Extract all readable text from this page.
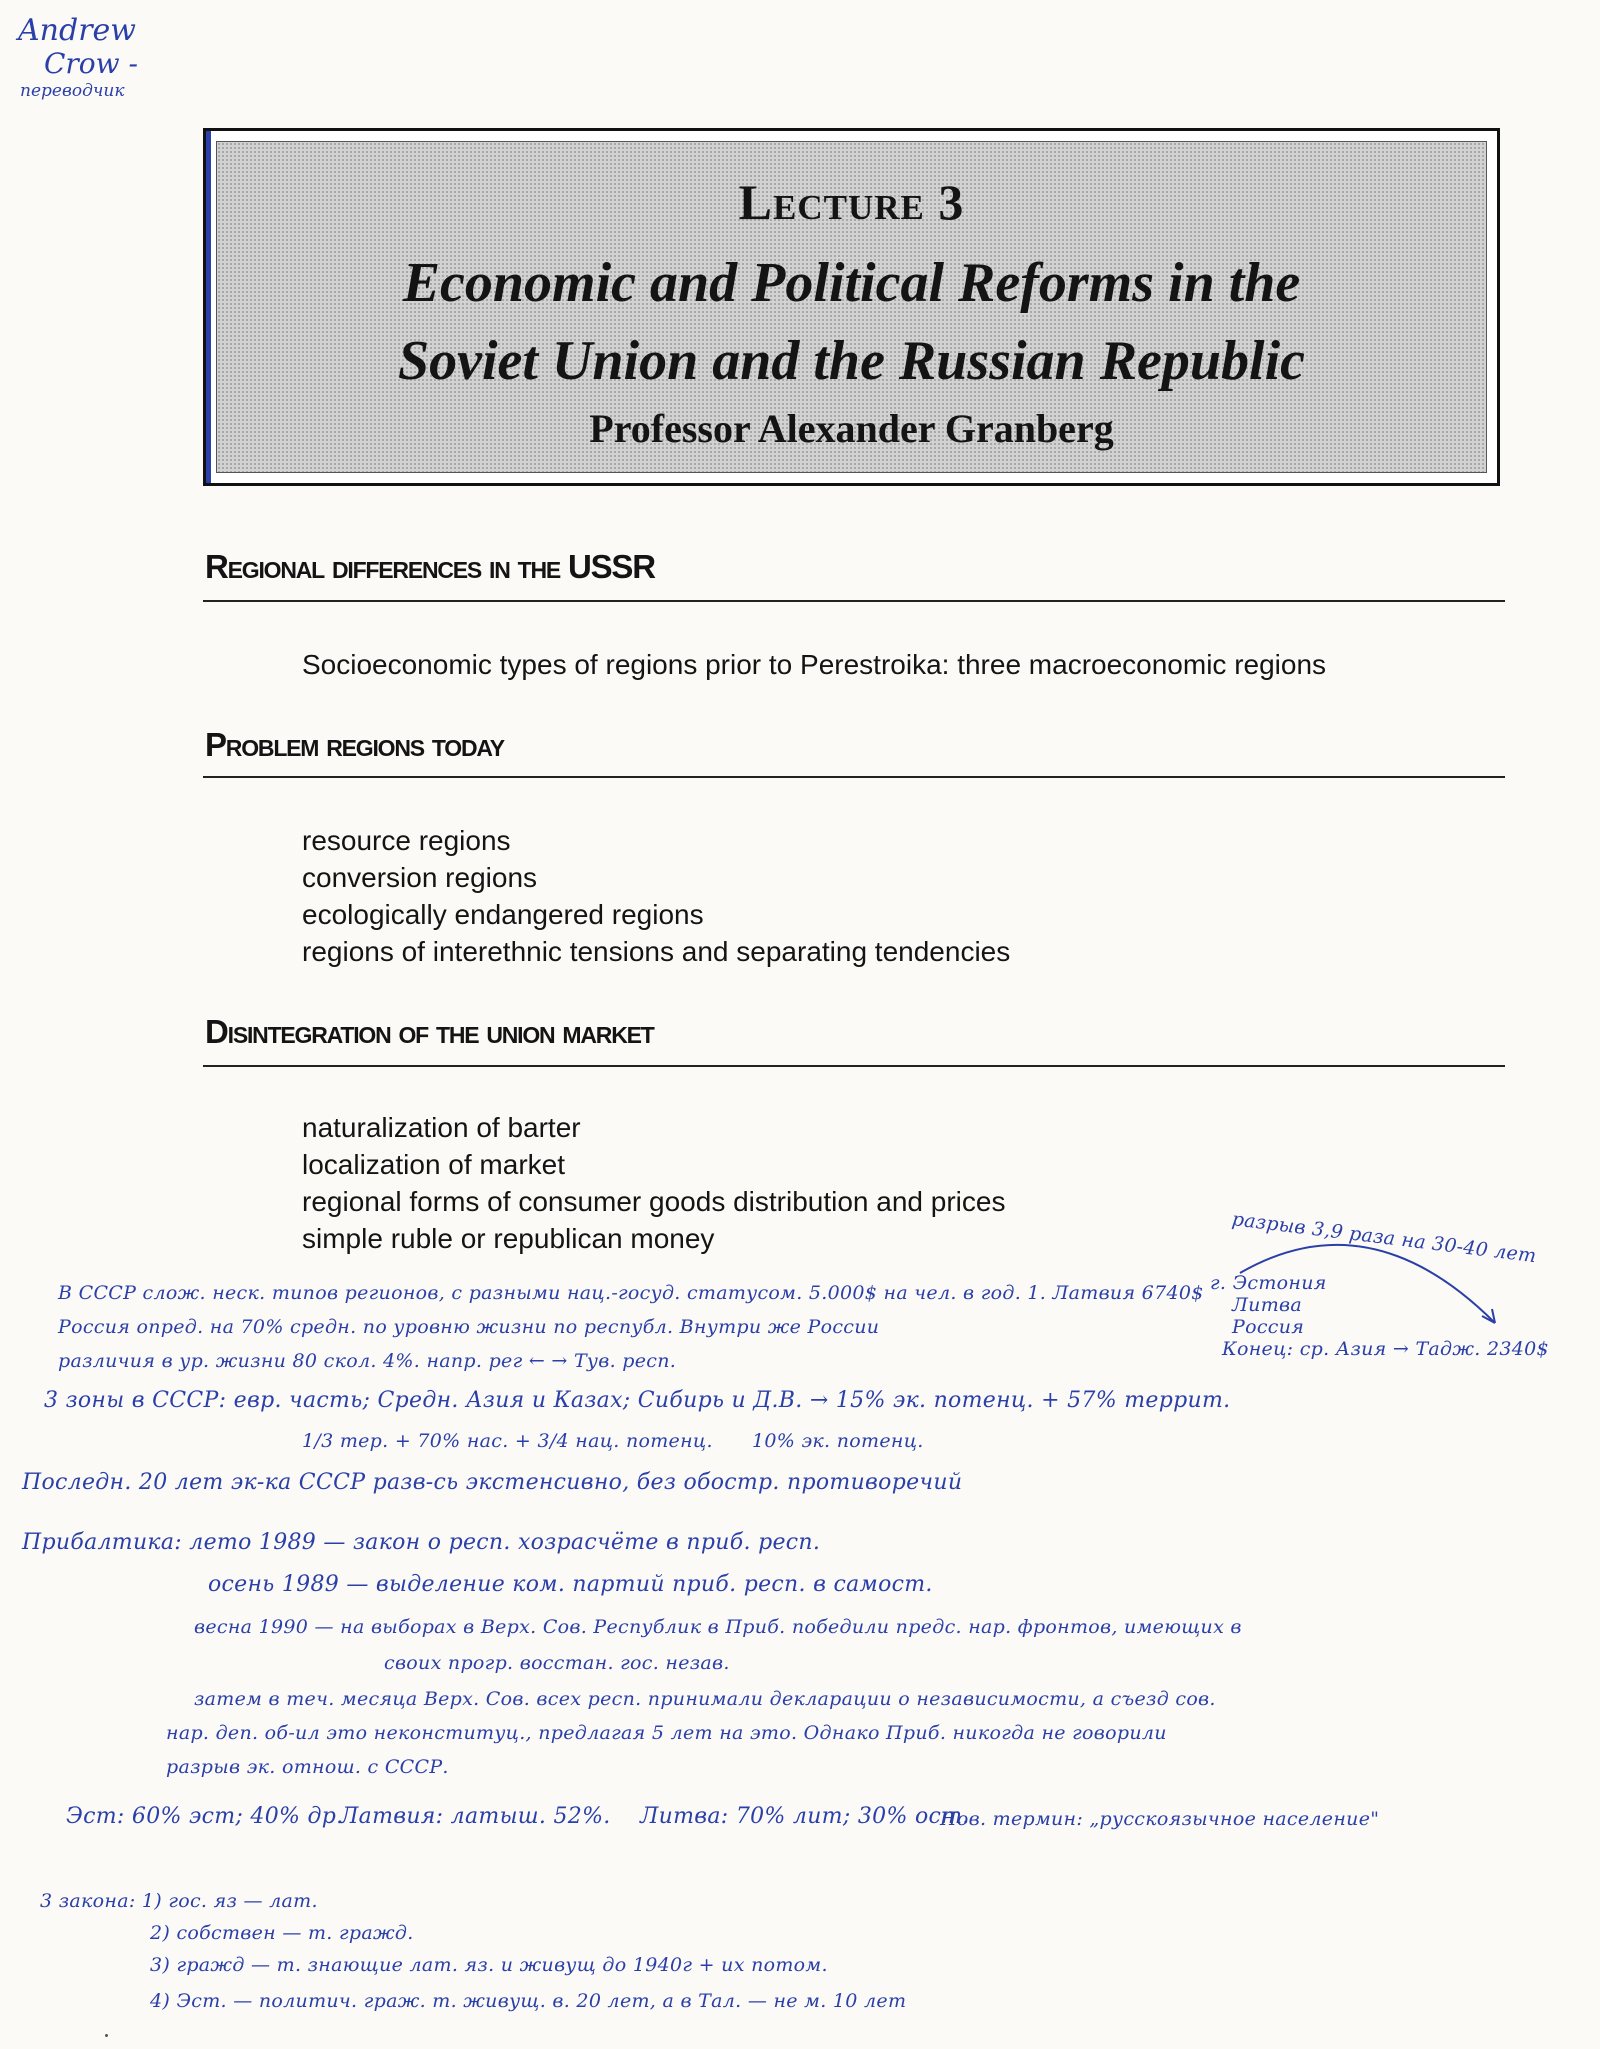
Andrew
Crow -
переводчик
Lecture 3
Economic and Political Reforms in the
Soviet Union and the Russian Republic
Professor Alexander Granberg
Regional differences in the USSR
Socioeconomic types of regions prior to Perestroika: three macroeconomic regions
Problem regions today
resource regions
conversion regions
ecologically endangered regions
regions of interethnic tensions and separating tendencies
Disintegration of the union market
naturalization of barter
localization of market
regional forms of consumer goods distribution and prices
simple ruble or republican money	разрыв 3,9 раза на 30-40 лет
г. Эстония
Литва
Россия
Конец: ср. Азия → Тадж. 2340$
В СССР слож. неск. типов регионов, с разными нац.-госуд. статусом. 5.000$ на чел. в год. 1. Латвия 6740$
Россия опред. на 70% средн. по уровню жизни по республ. Внутри же России
различия в ур. жизни 80 скол. 4%. напр. рег ← → Тув. респ.
3 зоны в СССР: евр. часть; Средн. Азия и Казах; Сибирь и Д.В. → 15% эк. потенц. + 57% террит.
1/3 тер. + 70% нас. + 3/4 нац. потенц. 10% эк. потенц.
Последн. 20 лет эк-ка СССР разв-сь экстенсивно, без обостр. противоречий
Прибалтика: лето 1989 — закон о респ. хозрасчёте в приб. респ.
осень 1989 — выделение ком. партий приб. респ. в самост.
весна 1990 — на выборах в Верх. Сов. Республик в Приб. победили предс. нар. фронтов, имеющих в
своих прогр. восстан. гос. незав.
затем в теч. месяца Верх. Сов. всех респ. принимали декларации о независимости, а съезд сов.
нар. деп. об-ил это неконституц., предлагая 5 лет на это. Однако Приб. никогда не говорили
разрыв эк. отнош. с СССР.
Эст: 60% эст; 40% др.
Латвия: латыш. 52%. Литва: 70% лит; 30% ост.
Нов. термин: „русскоязычное население"
3 закона: 1) гос. яз — лат.
2) собствен — т. гражд.
3) гражд — т. знающие лат. яз. и живущ до 1940г + их потом.
4) Эст. — политич. граж. т. живущ. в. 20 лет, а в Тал. — не м. 10 лет
